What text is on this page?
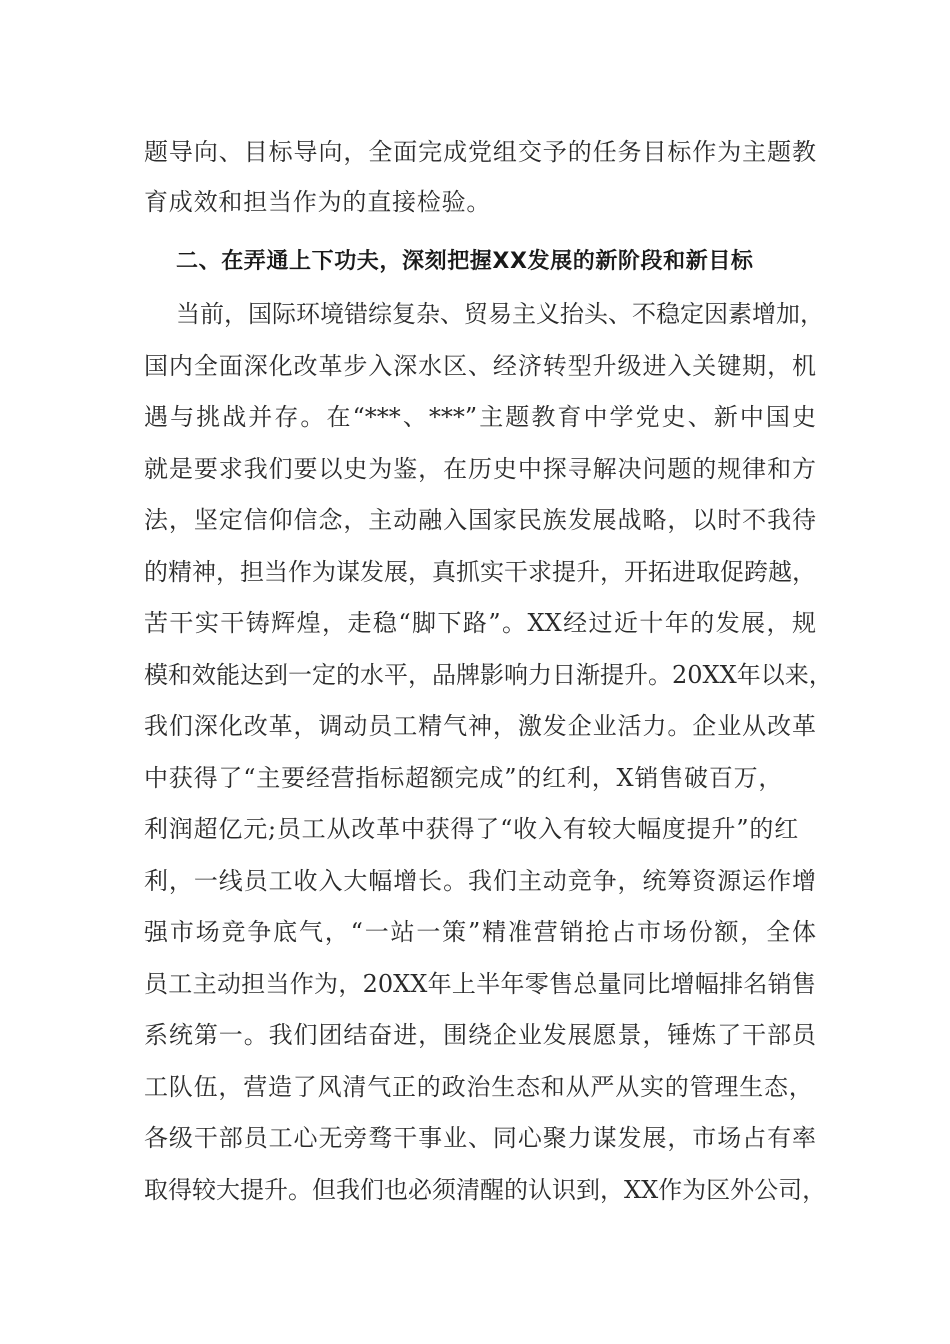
题导向、目标导向，全面完成党组交予的任务目标作为主题教

育成效和担当作为的直接检验。

二、在弄通上下功夫，深刻把握XX发展的新阶段和新目标

当前，国际环境错综复杂、贸易主义抬头、不稳定因素增加，

国内全面深化改革步入深水区、经济转型升级进入关键期，机

遇与挑战并存。在“***、***”主题教育中学党史、新中国史

就是要求我们要以史为鉴，在历史中探寻解决问题的规律和方

法，坚定信仰信念，主动融入国家民族发展战略，以时不我待

的精神，担当作为谋发展，真抓实干求提升，开拓进取促跨越，

苦干实干铸辉煌，走稳“脚下路”。XX经过近十年的发展，规

模和效能达到一定的水平，品牌影响力日渐提升。20XX年以来，

我们深化改革，调动员工精气神，激发企业活力。企业从改革

中获得了“主要经营指标超额完成”的红利，X销售破百万，

利润超亿元;员工从改革中获得了“收入有较大幅度提升”的红

利，一线员工收入大幅增长。我们主动竞争，统筹资源运作增

强市场竞争底气，“一站一策”精准营销抢占市场份额，全体

员工主动担当作为，20XX年上半年零售总量同比增幅排名销售

系统第一。我们团结奋进，围绕企业发展愿景，锤炼了干部员

工队伍，营造了风清气正的政治生态和从严从实的管理生态，

各级干部员工心无旁骛干事业、同心聚力谋发展，市场占有率

取得较大提升。但我们也必须清醒的认识到，XX作为区外公司，
